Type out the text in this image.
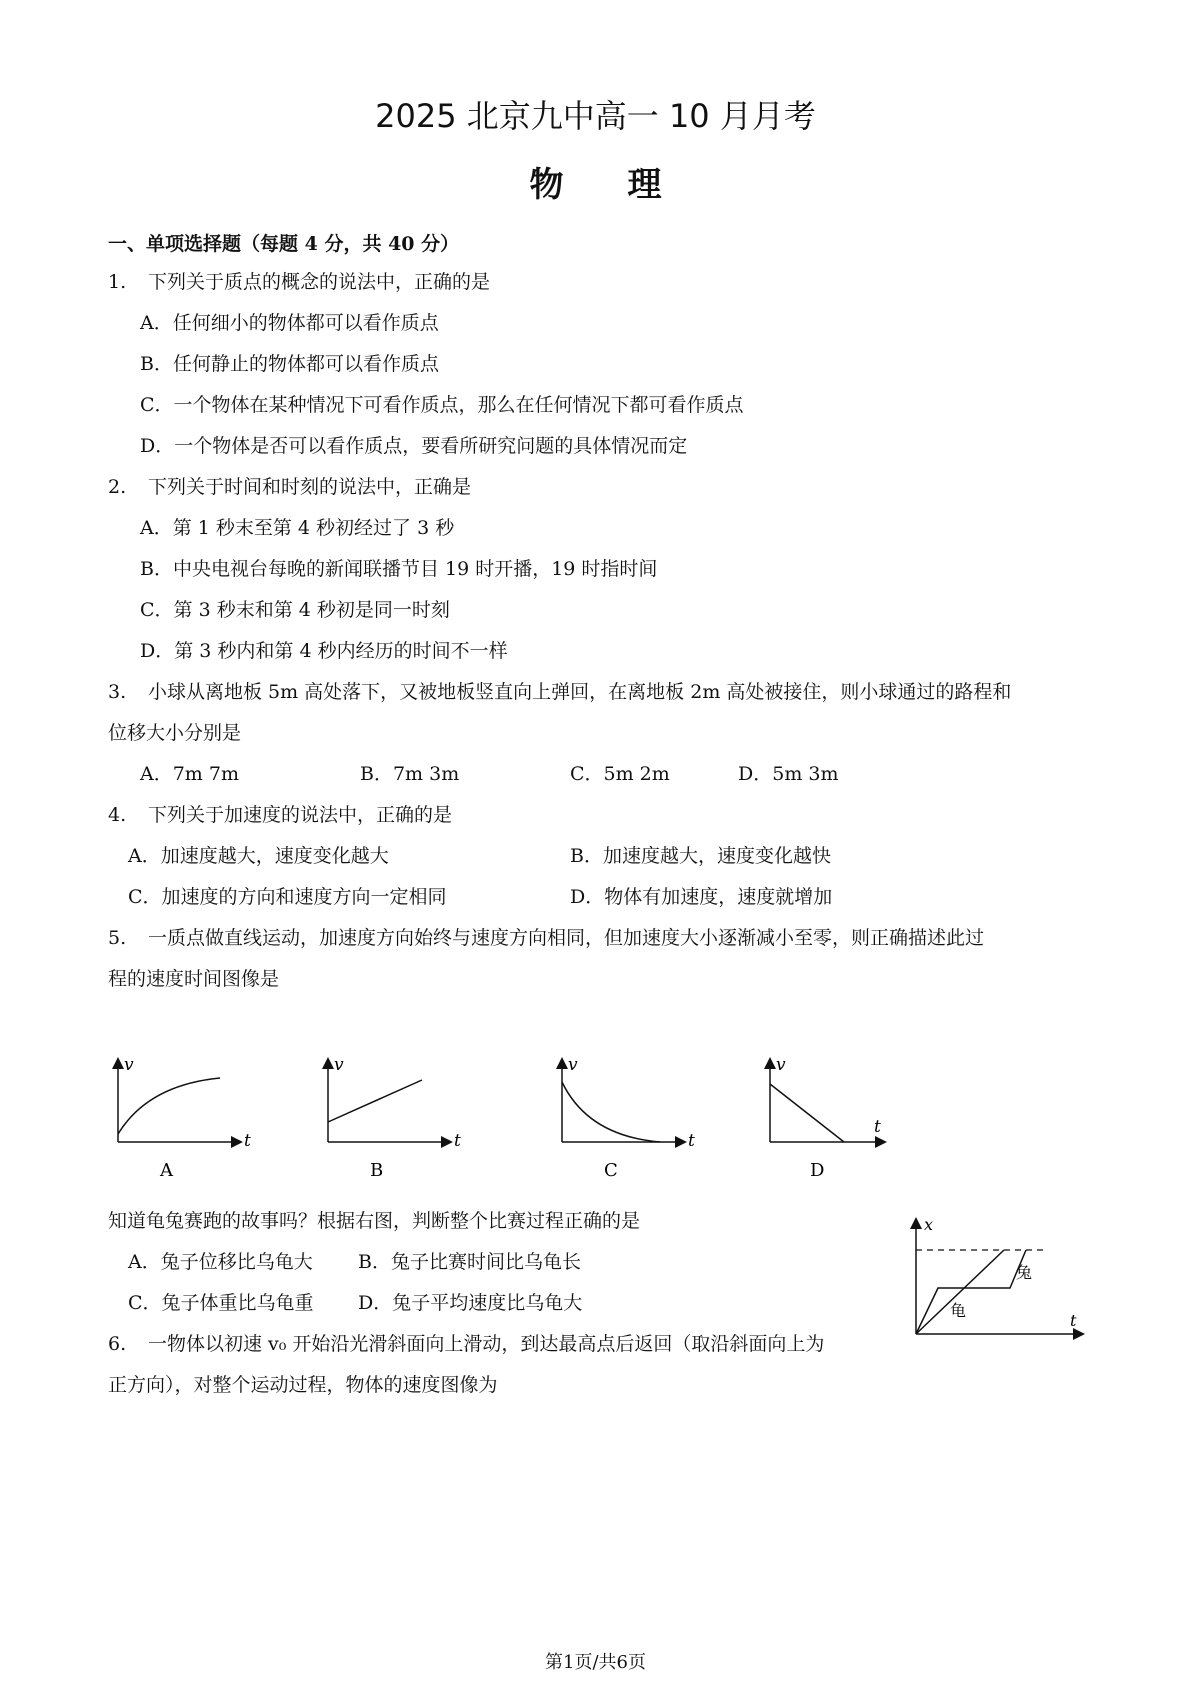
2025 北京九中高一 10 月月考
物理
一、单项选择题（每题 4 分，共 40 分）
1. 下列关于质点的概念的说法中，正确的是
A．任何细小的物体都可以看作质点
B．任何静止的物体都可以看作质点
C．一个物体在某种情况下可看作质点，那么在任何情况下都可看作质点
D．一个物体是否可以看作质点，要看所研究问题的具体情况而定
2. 下列关于时间和时刻的说法中，正确是
A．第 1 秒末至第 4 秒初经过了 3 秒
B．中央电视台每晚的新闻联播节目 19 时开播，19 时指时间
C．第 3 秒末和第 4 秒初是同一时刻
D．第 3 秒内和第 4 秒内经历的时间不一样
3. 小球从离地板 5m 高处落下，又被地板竖直向上弹回，在离地板 2m 高处被接住，则小球通过的路程和
位移大小分别是
A．7m 7m	B．7m 3m	C．5m 2m	D．5m 3m
4. 下列关于加速度的说法中，正确的是
A．加速度越大，速度变化越大	B．加速度越大，速度变化越快
C．加速度的方向和速度方向一定相同	D．物体有加速度，速度就增加
5. 一质点做直线运动，加速度方向始终与速度方向相同，但加速度大小逐渐减小至零，则正确描述此过
程的速度时间图像是
v
t
A
v
t
B
v
t
C
v
t
D
知道龟兔赛跑的故事吗？根据右图，判断整个比赛过程正确的是
A．兔子位移比乌龟大 B．兔子比赛时间比乌龟长
C．兔子体重比乌龟重 D．兔子平均速度比乌龟大
x
t
兔
龟
6. 一物体以初速 v₀ 开始沿光滑斜面向上滑动，到达最高点后返回（取沿斜面向上为
正方向），对整个运动过程，物体的速度图像为
第1页/共6页
